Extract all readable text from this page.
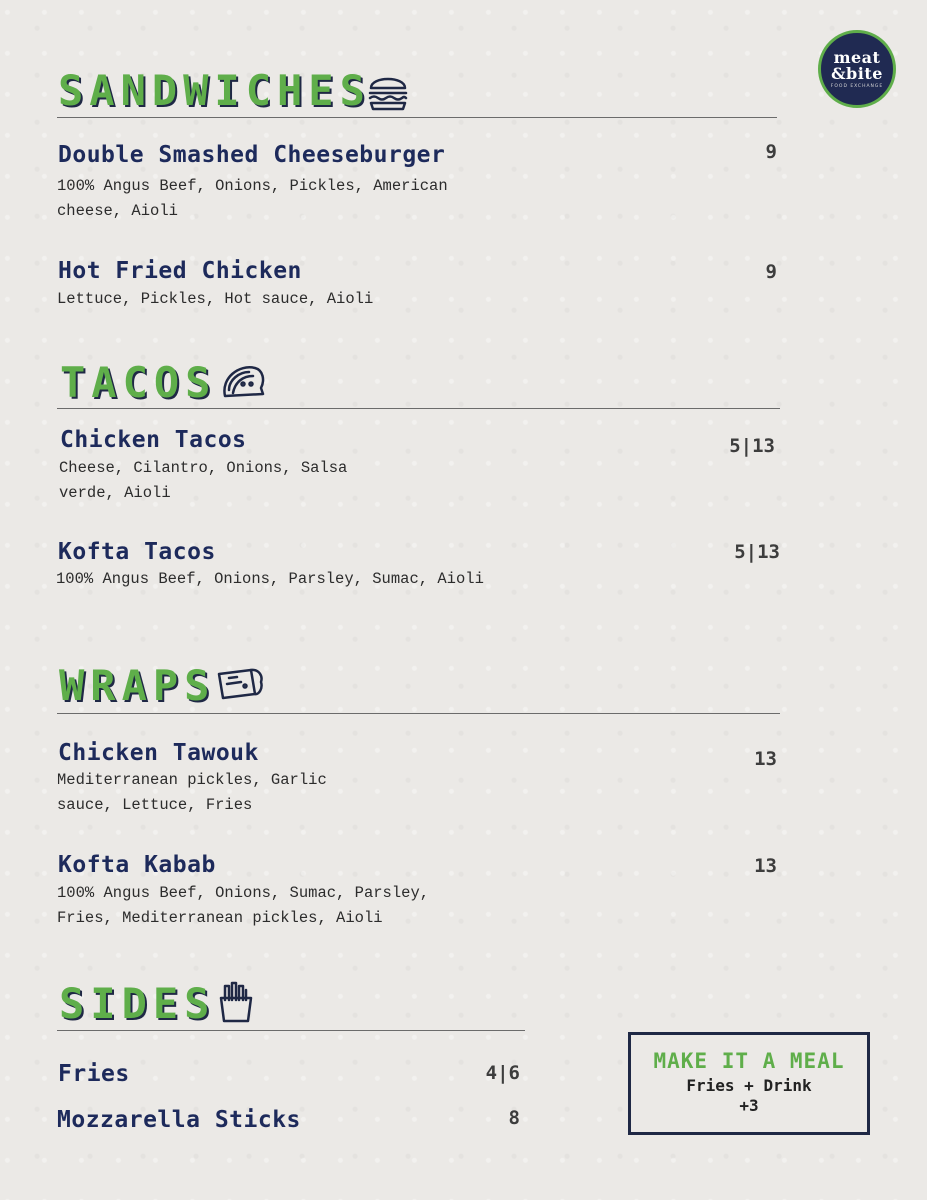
meat
&bite
FOOD EXCHANGE
SANDWICHES
Double Smashed Cheeseburger	9
100% Angus Beef, Onions, Pickles, American cheese, Aioli
Hot Fried Chicken	9
Lettuce, Pickles, Hot sauce, Aioli
TACOS
Chicken Tacos	5|13
Cheese, Cilantro, Onions, Salsa verde, Aioli
Kofta Tacos	5|13
100% Angus Beef, Onions, Parsley, Sumac, Aioli
WRAPS
Chicken Tawouk	13
Mediterranean pickles, Garlic sauce, Lettuce, Fries
Kofta Kabab	13
100% Angus Beef, Onions, Sumac, Parsley, Fries, Mediterranean pickles, Aioli
SIDES
Fries	4|6
Mozzarella Sticks	8
MAKE IT A MEAL
Fries + Drink
+3
